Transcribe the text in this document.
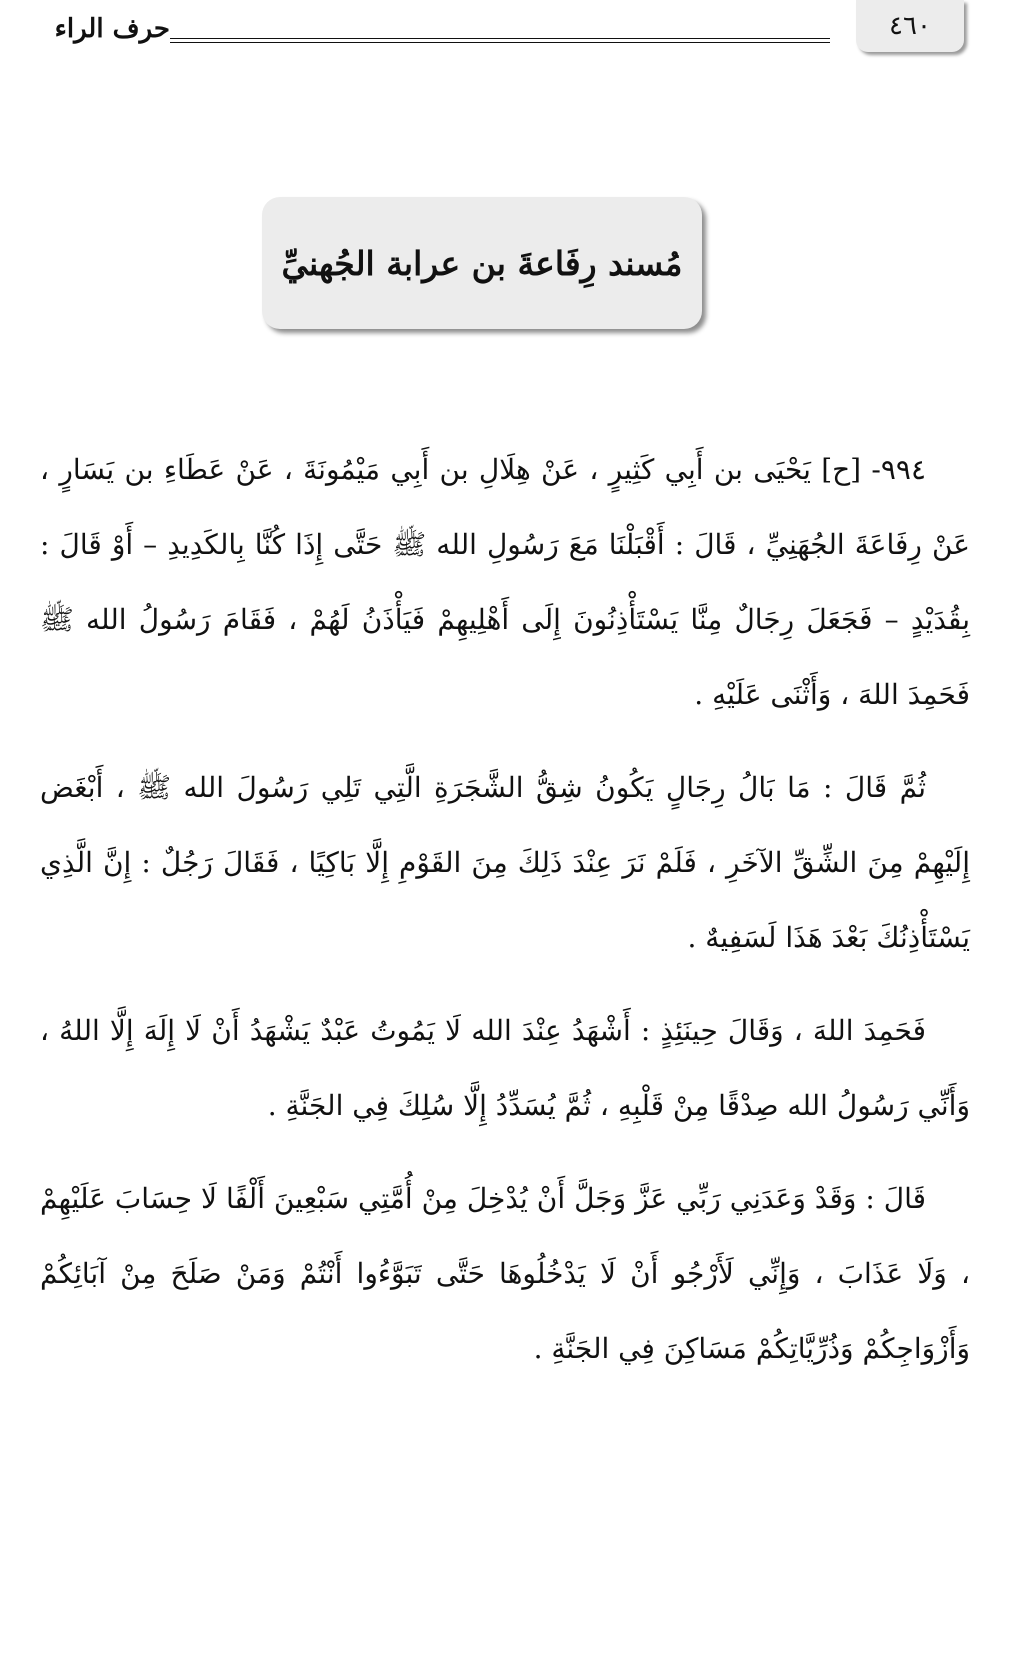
٤٦٠
حرف الراء
مُسند رِفَاعةَ بن عرابة الجُهنيِّ

٩٩٤- [ح] يَحْيَى بن أَبِي كَثِيرٍ ، عَنْ هِلَالِ بن أَبِي مَيْمُونَةَ ، عَنْ عَطَاءِ بن يَسَارٍ ، عَنْ رِفَاعَةَ الجُهَنِيِّ ، قَالَ : أَقْبَلْنَا مَعَ رَسُولِ الله ﷺ حَتَّى إِذَا كُنَّا بِالكَدِيدِ – أَوْ قَالَ : بِقُدَيْدٍ – فَجَعَلَ رِجَالٌ مِنَّا يَسْتَأْذِنُونَ إِلَى أَهْلِيهِمْ فَيَأْذَنُ لَهُمْ ، فَقَامَ رَسُولُ الله ﷺ فَحَمِدَ اللهَ ، وَأَثْنَى عَلَيْهِ .

ثُمَّ قَالَ : مَا بَالُ رِجَالٍ يَكُونُ شِقُّ الشَّجَرَةِ الَّتِي تَلِي رَسُولَ الله ﷺ ، أَبْغَض إِلَيْهِمْ مِنَ الشِّقِّ الآخَرِ ، فَلَمْ نَرَ عِنْدَ ذَلِكَ مِنَ القَوْمِ إِلَّا بَاكِيًا ، فَقَالَ رَجُلٌ : إِنَّ الَّذِي يَسْتَأْذِنُكَ بَعْدَ هَذَا لَسَفِيهٌ .

فَحَمِدَ اللهَ ، وَقَالَ حِينَئِذٍ : أَشْهَدُ عِنْدَ الله لَا يَمُوتُ عَبْدٌ يَشْهَدُ أَنْ لَا إِلَهَ إِلَّا اللهُ ، وَأَنِّي رَسُولُ الله صِدْقًا مِنْ قَلْبِهِ ، ثُمَّ يُسَدِّدُ إِلَّا سُلِكَ فِي الجَنَّةِ .

قَالَ : وَقَدْ وَعَدَنِي رَبِّي عَزَّ وَجَلَّ أَنْ يُدْخِلَ مِنْ أُمَّتِي سَبْعِينَ أَلْفًا لَا حِسَابَ عَلَيْهِمْ ، وَلَا عَذَابَ ، وَإِنِّي لَأَرْجُو أَنْ لَا يَدْخُلُوهَا حَتَّى تَبَوَّءُوا أَنْتُمْ وَمَنْ صَلَحَ مِنْ آبَائِكُمْ وَأَزْوَاجِكُمْ وَذُرِّيَّاتِكُمْ مَسَاكِنَ فِي الجَنَّةِ .
